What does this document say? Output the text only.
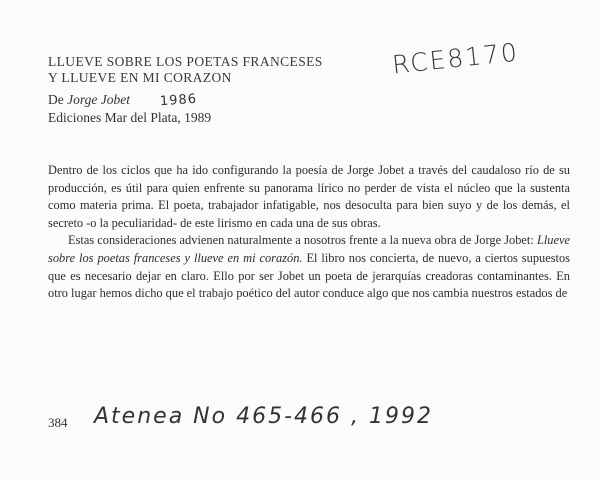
LLUEVE SOBRE LOS POETAS FRANCESES
Y LLUEVE EN MI CORAZON	RCE8170
De Jorge Jobet 1986
Ediciones Mar del Plata, 1989

Dentro de los ciclos que ha ido configurando la poesía de Jorge Jobet a través del caudaloso río de su producción, es útil para quien enfrente su panorama lírico no perder de vista el núcleo que la sustenta como materia prima. El poeta, trabajador infatigable, nos desoculta para bien suyo y de los demás, el secreto -o la peculiaridad- de este lirismo en cada una de sus obras.

Estas consideraciones advienen naturalmente a nosotros frente a la nueva obra de Jorge Jobet: Llueve sobre los poetas franceses y llueve en mi corazón. El libro nos concierta, de nuevo, a ciertos supuestos que es necesario dejar en claro. Ello por ser Jobet un poeta de jerarquías creadoras contaminantes. En otro lugar hemos dicho que el trabajo poético del autor conduce algo que nos cambia nuestros estados de

384 Atenea No 465-466 , 1992
